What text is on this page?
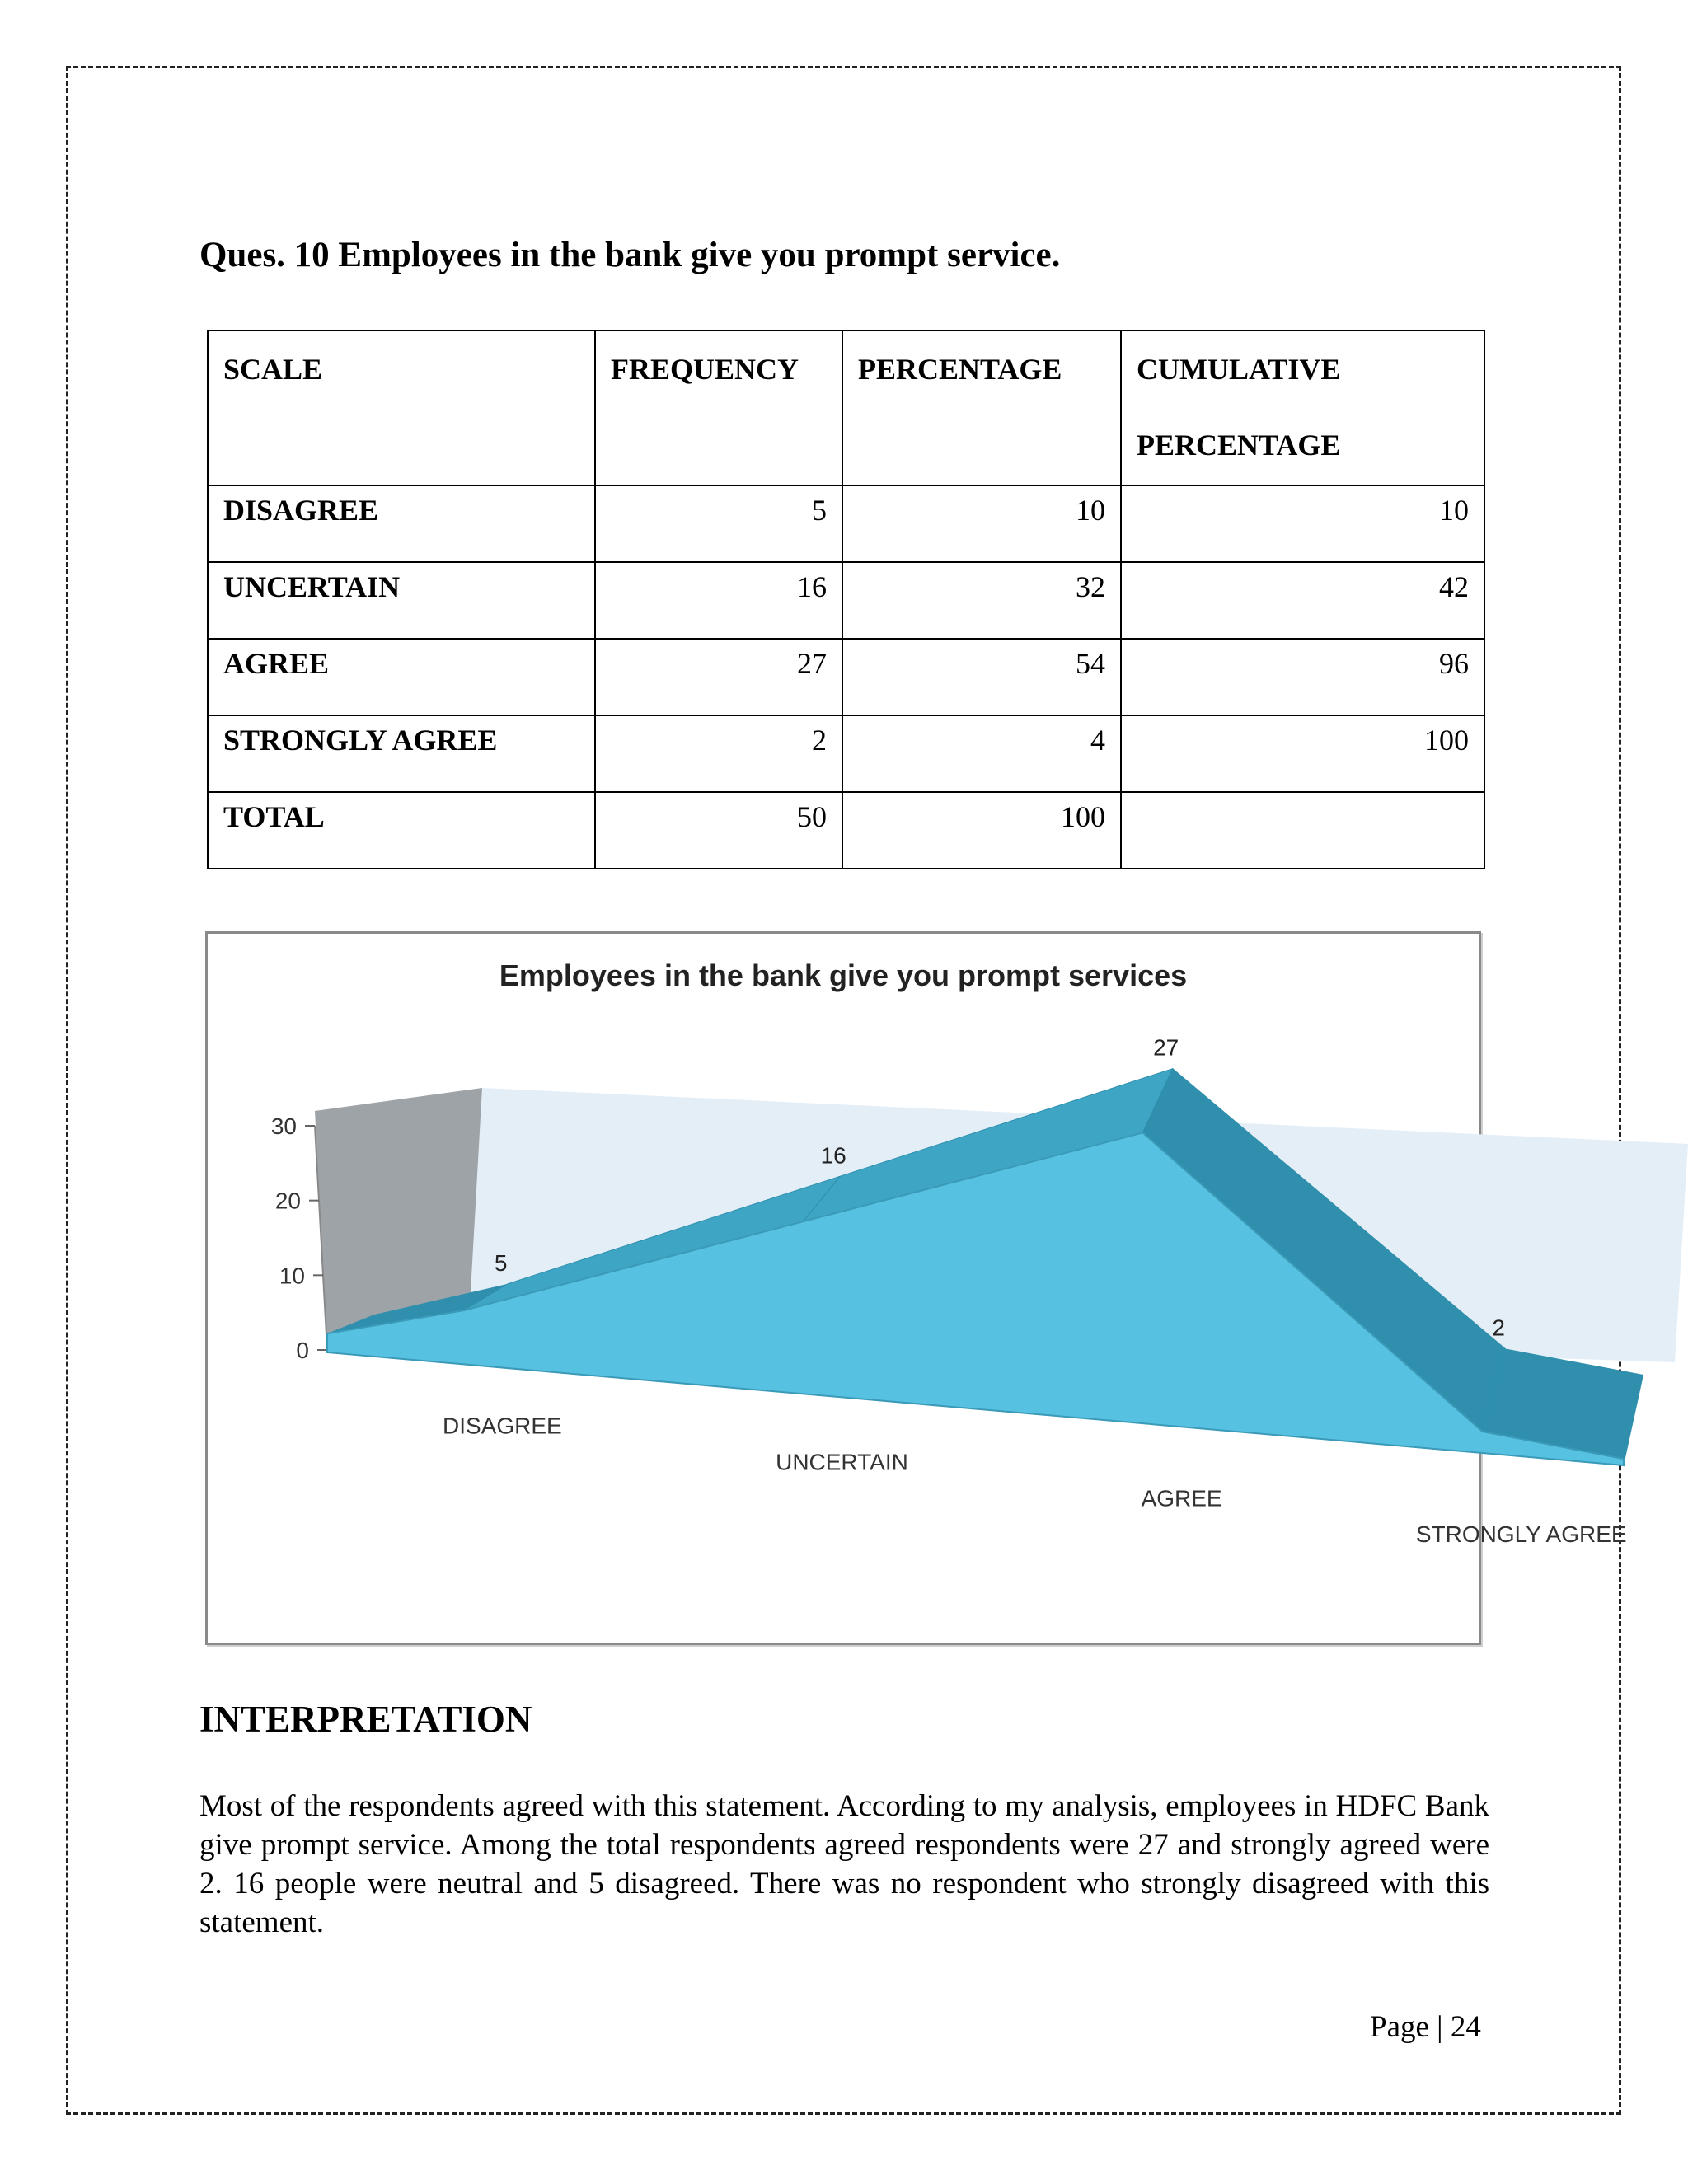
Ques. 10 Employees in the bank give you prompt service.
SCALE	FREQUENCY	PERCENTAGE	CUMULATIVE
PERCENTAGE
DISAGREE	5	10	10
UNCERTAIN	16	32	42
AGREE	27	54	96
STRONGLY AGREE	2	4	100
TOTAL	50	100	
Employees in the bank give you prompt services
0
10
20
30
5
16
27
2
DISAGREE
UNCERTAIN
AGREE
STRONGLY AGREE
INTERPRETATION

Most of the respondents agreed with this statement. According to my analysis, employees in HDFC Bank give prompt service. Among the total respondents agreed respondents were 27 and strongly agreed were 2. 16 people were neutral and 5 disagreed. There was no respondent who strongly disagreed with this statement.

Page | 24
